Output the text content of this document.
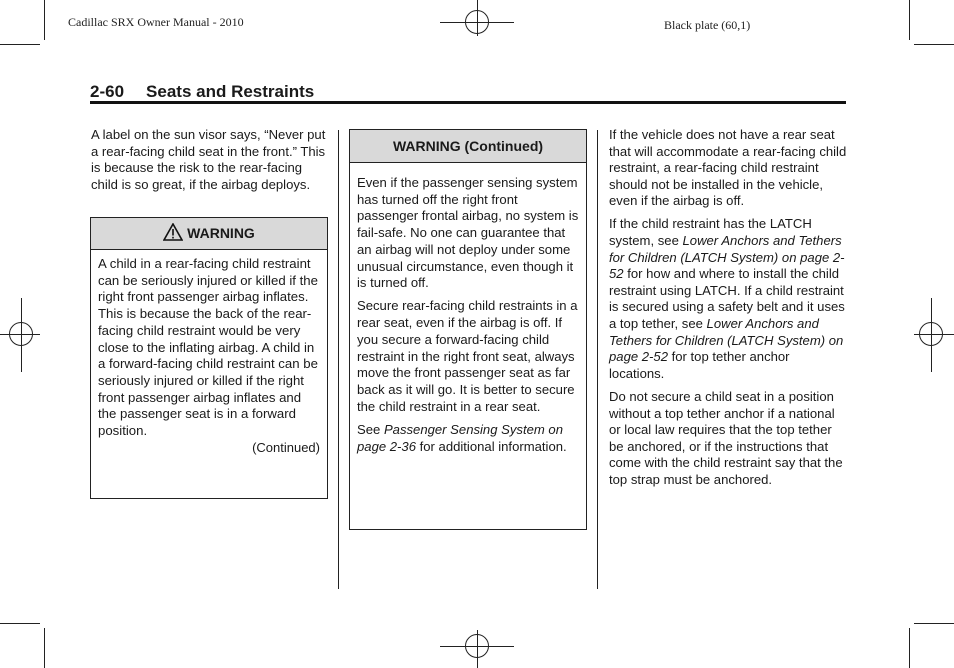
Cadillac SRX Owner Manual - 2010	Black plate (60,1)
2-60 Seats and Restraints

A label on the sun visor says, “Never put a rear-facing child seat in the front.” This is because the risk to the rear-facing child is so great, if the airbag deploys.

WARNING

A child in a rear-facing child restraint can be seriously injured or killed if the right front passenger airbag inflates. This is because the back of the rear-facing child restraint would be very close to the inflating airbag. A child in a forward-facing child restraint can be seriously injured or killed if the right front passenger airbag inflates and the passenger seat is in a forward position.

(Continued)
WARNING (Continued)

Even if the passenger sensing system has turned off the right front passenger frontal airbag, no system is fail-safe. No one can guarantee that an airbag will not deploy under some unusual circumstance, even though it is turned off.

Secure rear-facing child restraints in a rear seat, even if the airbag is off. If you secure a forward-facing child restraint in the right front seat, always move the front passenger seat as far back as it will go. It is better to secure the child restraint in a rear seat.

See Passenger Sensing System on page 2-36 for additional information.

If the vehicle does not have a rear seat that will accommodate a rear-facing child restraint, a rear-facing child restraint should not be installed in the vehicle, even if the airbag is off.

If the child restraint has the LATCH system, see Lower Anchors and Tethers for Children (LATCH System) on page 2-52 for how and where to install the child restraint using LATCH. If a child restraint is secured using a safety belt and it uses a top tether, see Lower Anchors and Tethers for Children (LATCH System) on page 2-52 for top tether anchor locations.

Do not secure a child seat in a position without a top tether anchor if a national or local law requires that the top tether be anchored, or if the instructions that come with the child restraint say that the top strap must be anchored.
